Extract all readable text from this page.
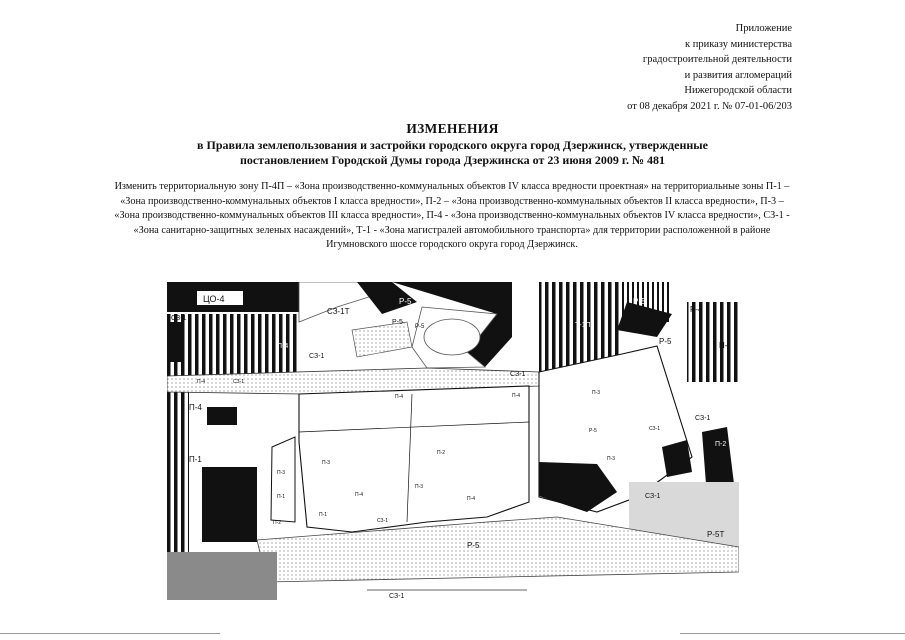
Приложение
к приказу министерства
градостроительной деятельности
и развития агломераций
Нижегородской области
от 08 декабря 2021 г. № 07-01-06/203
ИЗМЕНЕНИЯ
в Правила землепользования и застройки городского округа город Дзержинск, утвержденные
постановлением Городской Думы города Дзержинска от 23 июня 2009 г. № 481
Изменить территориальную зону П-4П – «Зона производственно-коммунальных объектов IV класса вредности проектная» на территориальные зоны П-1 – «Зона производственно-коммунальных объектов I класса вредности», П-2 – «Зона производственно-коммунальных объектов II класса вредности», П-3 – «Зона производственно-коммунальных объектов III класса вредности», П-4 - «Зона производственно-коммунальных объектов IV класса вредности», СЗ-1 - «Зона санитарно-защитных зеленых насаждений», Т-1 - «Зона магистралей автомобильного транспорта» для территории расположенной в районе Игумновского шоссе городского округа город Дзержинск.
ЦО-4
СЗ-1Т
Р-5
Р-5
Р-5
Р-5
Р-4
Т-1П
Р-5	П-
СЗ-1
П-4
СЗ-1
СЗ-1
П-4	СЗ-1
П-4
П-4
П-4	П-3
Р-5
СЗ-1
СЗ-1
П-2
П-1
П-2
П-3
П-3
П-3
СЗ-1
П-3
П-3
СЗ-1
П-1	П-4
П-1
СЗ-1
П-2
П-4
П-3
Р-5Т
Р-5
СЗ-1
